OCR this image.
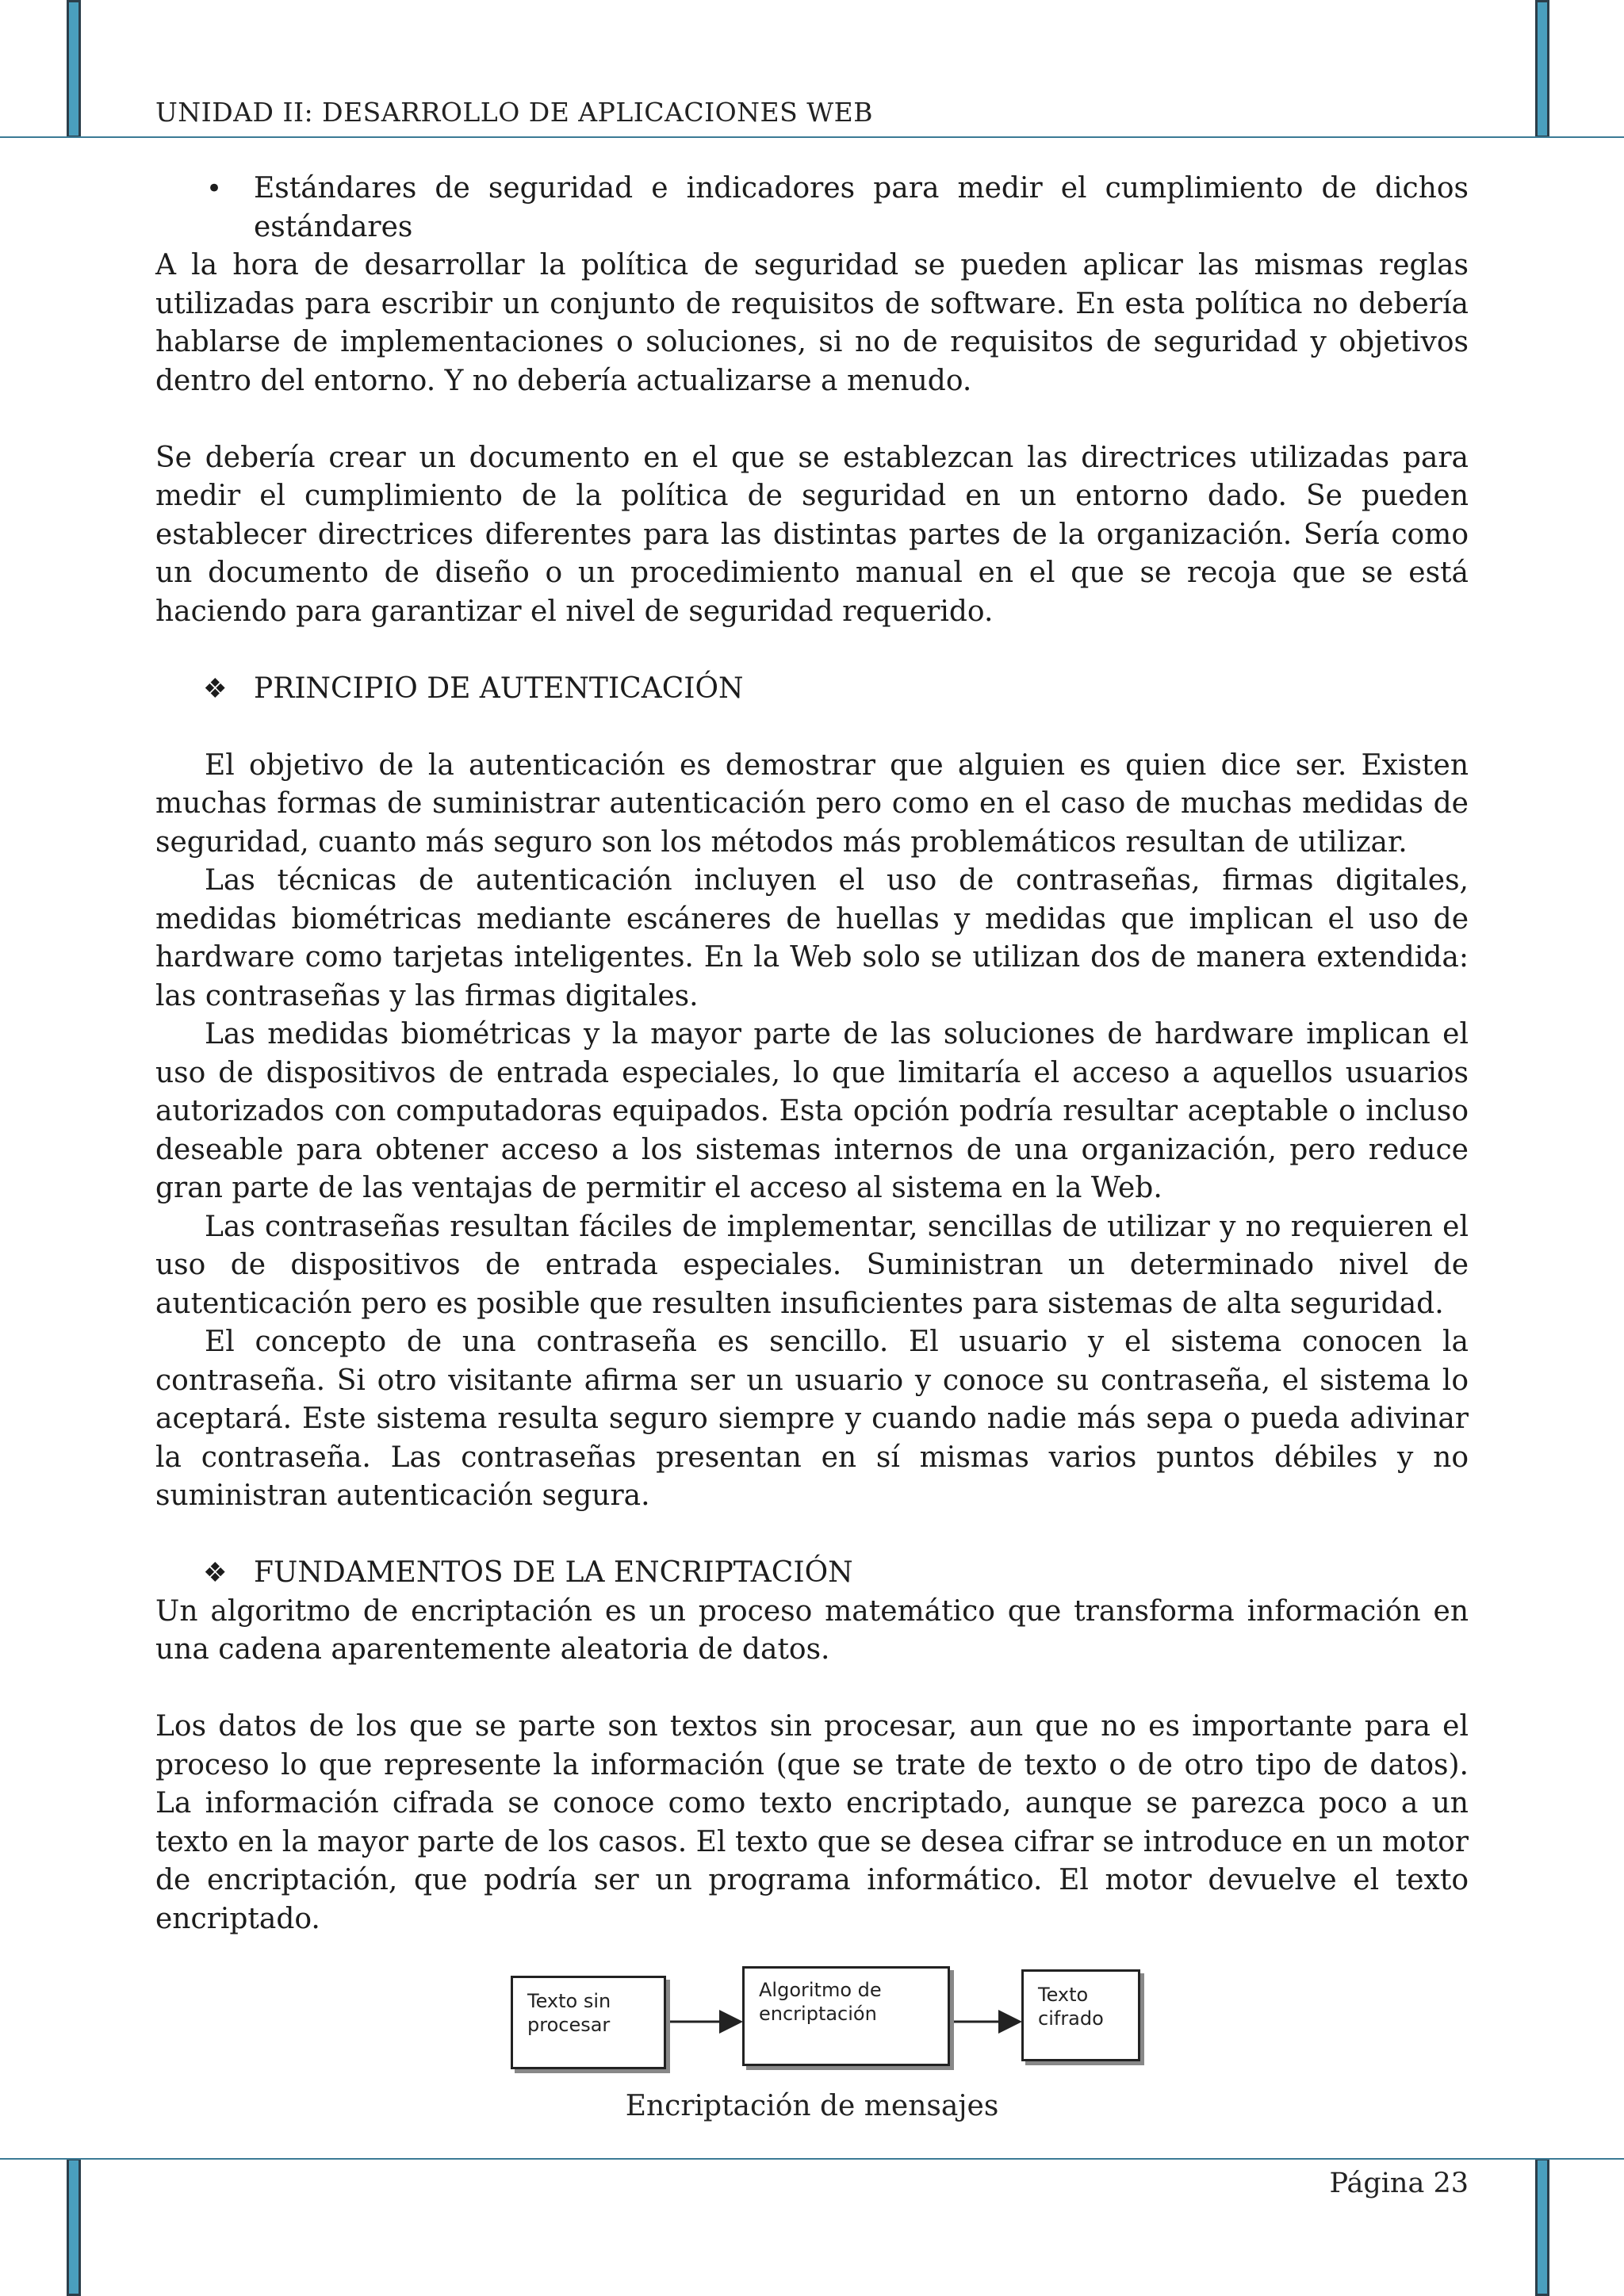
UNIDAD II: DESARROLLO DE APLICACIONES WEB
• Estándares de seguridad e indicadores para medir el cumplimiento de dichos estándares

A la hora de desarrollar la política de seguridad se pueden aplicar las mismas reglas utilizadas para escribir un conjunto de requisitos de software. En esta política no debería hablarse de implementaciones o soluciones, si no de requisitos de seguridad y objetivos dentro del entorno. Y no debería actualizarse a menudo.

Se debería crear un documento en el que se establezcan las directrices utilizadas para medir el cumplimiento de la política de seguridad en un entorno dado. Se pueden establecer directrices diferentes para las distintas partes de la organización. Sería como un documento de diseño o un procedimiento manual en el que se recoja que se está haciendo para garantizar el nivel de seguridad requerido.

❖ PRINCIPIO DE AUTENTICACIÓN

El objetivo de la autenticación es demostrar que alguien es quien dice ser. Existen muchas formas de suministrar autenticación pero como en el caso de muchas medidas de seguridad, cuanto más seguro son los métodos más problemáticos resultan de utilizar.

Las técnicas de autenticación incluyen el uso de contraseñas, firmas digitales, medidas biométricas mediante escáneres de huellas y medidas que implican el uso de hardware como tarjetas inteligentes. En la Web solo se utilizan dos de manera extendida: las contraseñas y las firmas digitales.

Las medidas biométricas y la mayor parte de las soluciones de hardware implican el uso de dispositivos de entrada especiales, lo que limitaría el acceso a aquellos usuarios autorizados con computadoras equipados. Esta opción podría resultar aceptable o incluso deseable para obtener acceso a los sistemas internos de una organización, pero reduce gran parte de las ventajas de permitir el acceso al sistema en la Web.

Las contraseñas resultan fáciles de implementar, sencillas de utilizar y no requieren el uso de dispositivos de entrada especiales. Suministran un determinado nivel de autenticación pero es posible que resulten insuficientes para sistemas de alta seguridad.

El concepto de una contraseña es sencillo. El usuario y el sistema conocen la contraseña. Si otro visitante afirma ser un usuario y conoce su contraseña, el sistema lo aceptará. Este sistema resulta seguro siempre y cuando nadie más sepa o pueda adivinar la contraseña. Las contraseñas presentan en sí mismas varios puntos débiles y no suministran autenticación segura.

❖ FUNDAMENTOS DE LA ENCRIPTACIÓN

Un algoritmo de encriptación es un proceso matemático que transforma información en una cadena aparentemente aleatoria de datos.

Los datos de los que se parte son textos sin procesar, aun que no es importante para el proceso lo que represente la información (que se trate de texto o de otro tipo de datos). La información cifrada se conoce como texto encriptado, aunque se parezca poco a un texto en la mayor parte de los casos. El texto que se desea cifrar se introduce en un motor de encriptación, que podría ser un programa informático. El motor devuelve el texto encriptado.

Texto sin procesar
Algoritmo de encriptación
Texto cifrado
Encriptación de mensajes
Página 23
